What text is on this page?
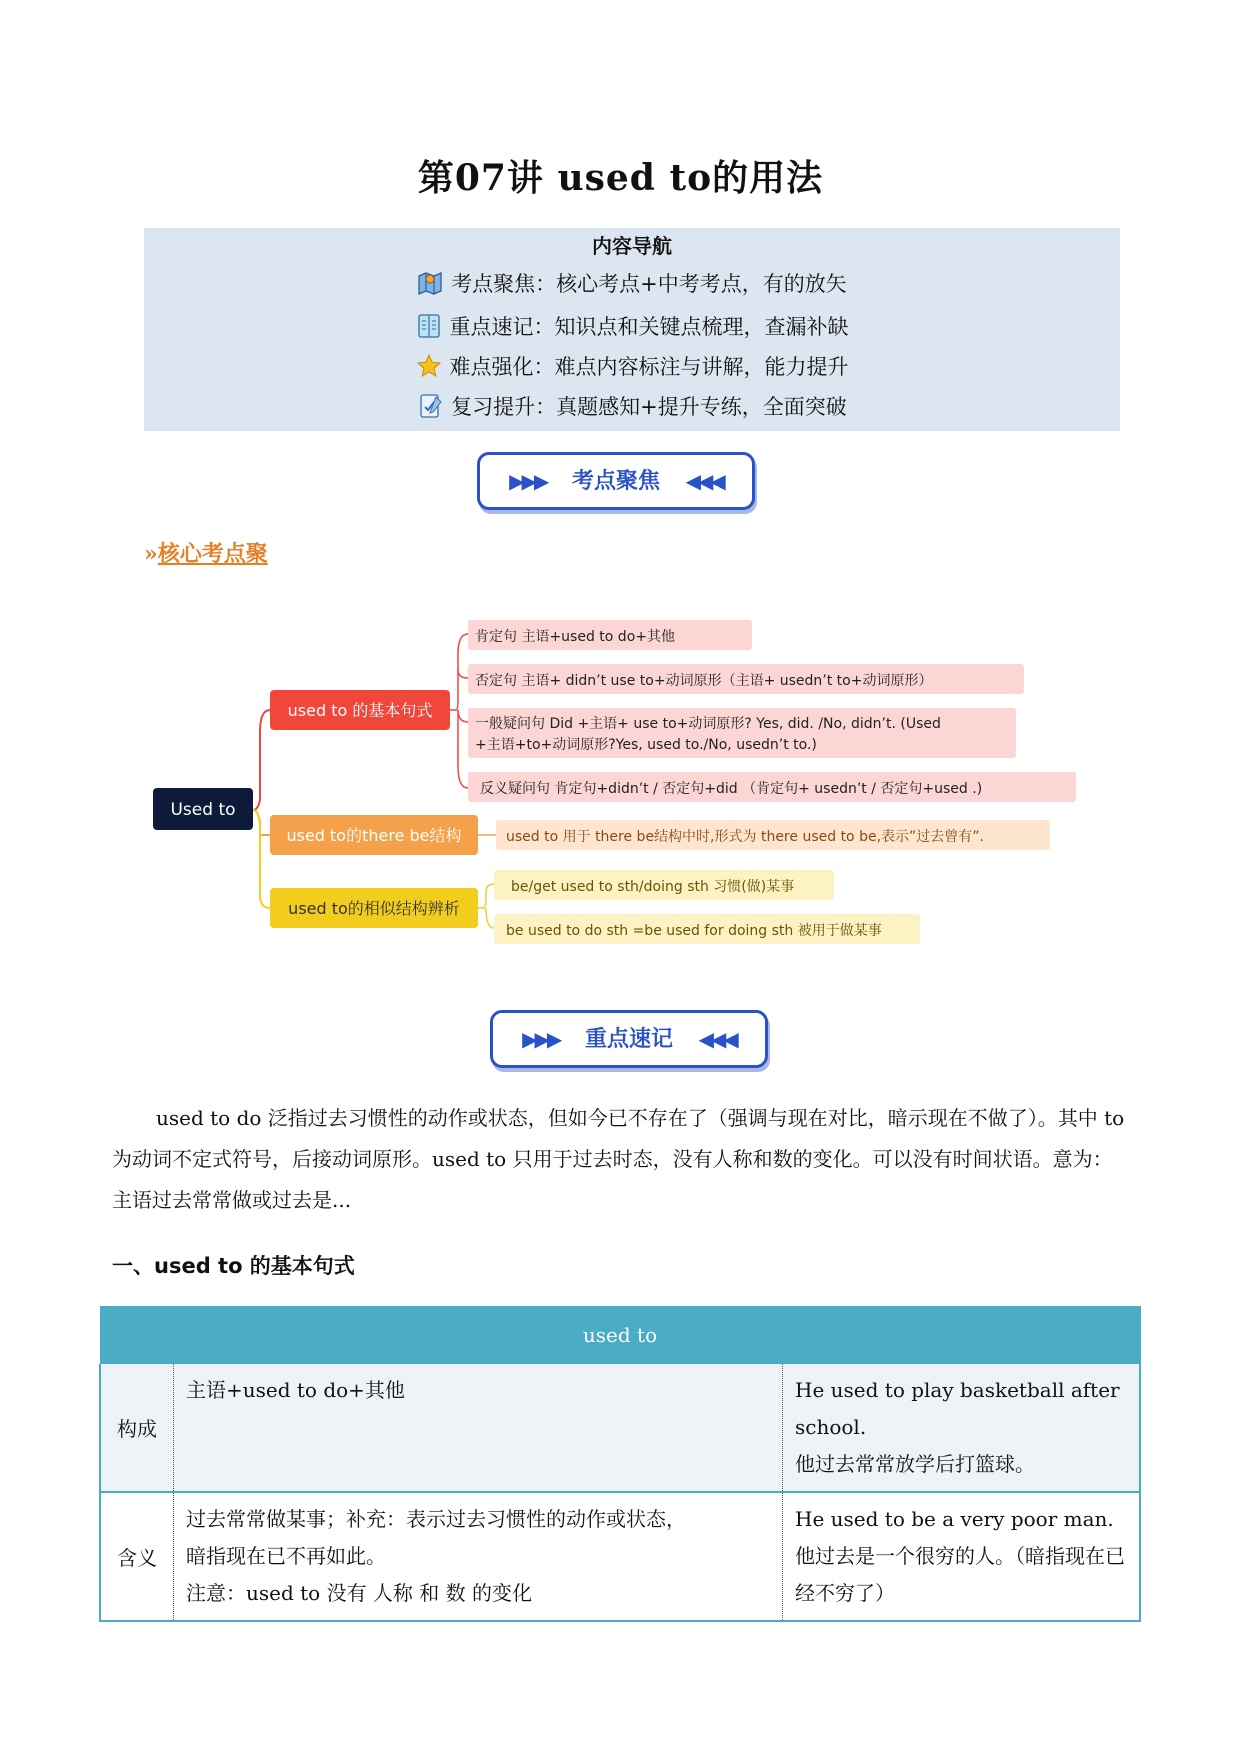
第07讲 used to的用法
内容导航
考点聚焦：核心考点+中考考点，有的放矢
重点速记：知识点和关键点梳理，查漏补缺
难点强化：难点内容标注与讲解，能力提升
复习提升：真题感知+提升专练，全面突破
▶▶▶ 考点聚焦 ◀◀◀
»核心考点聚
Used to
used to 的基本句式
肯定句 主语+used to do+其他
否定句 主语+ didn’t use to+动词原形（主语+ usedn’t to+动词原形）
一般疑问句 Did +主语+ use to+动词原形? Yes, did. /No, didn’t. (Used
+主语+to+动词原形?Yes, used to./No, usedn’t to.)
反义疑问句 肯定句+didn’t / 否定句+did （肯定句+ usedn’t / 否定句+used .)
used to的there be结构	used to 用于 there be结构中时,形式为 there used to be,表示”过去曾有”.
used to的相似结构辨析
be/get used to sth/doing sth 习惯(做)某事
be used to do sth =be used for doing sth 被用于做某事
▶▶▶ 重点速记 ◀◀◀
used to do 泛指过去习惯性的动作或状态，但如今已不存在了（强调与现在对比，暗示现在不做了）。其中 to 为动词不定式符号，后接动词原形。used to 只用于过去时态，没有人称和数的变化。可以没有时间状语。意为：主语过去常常做或过去是...
一、used to 的基本句式
used to		
构成	主语+used to do+其他	He used to play basketball after school.
他过去常常放学后打篮球。

含义	过去常常做某事；补充：表示过去习惯性的动作或状态，
暗指现在已不再如此。
注意：used to 没有 人称 和 数 的变化	He used to be a very poor man.他过去是一个很穷的人。（暗指现在已经不穷了）
